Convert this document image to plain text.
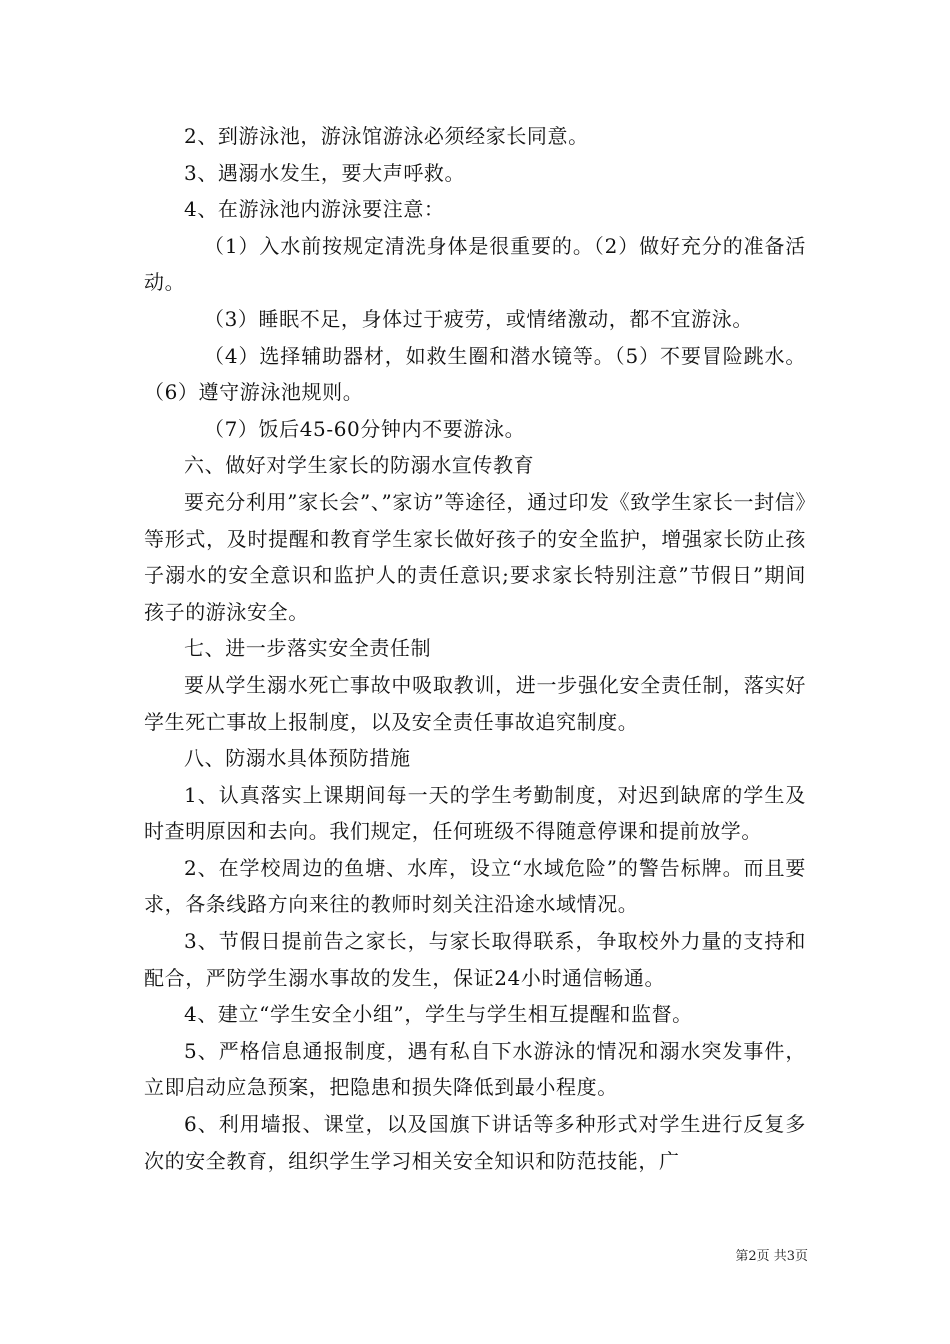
2、到游泳池，游泳馆游泳必须经家长同意。

3、遇溺水发生，要大声呼救。

4、在游泳池内游泳要注意：

（1）入水前按规定清洗身体是很重要的。（2）做好充分的准备活动。

（3）睡眠不足，身体过于疲劳，或情绪激动，都不宜游泳。

（4）选择辅助器材，如救生圈和潜水镜等。（5）不要冒险跳水。（6）遵守游泳池规则。

（7）饭后45-60分钟内不要游泳。

六、做好对学生家长的防溺水宣传教育

要充分利用”家长会”、”家访”等途径，通过印发《致学生家长一封信》等形式，及时提醒和教育学生家长做好孩子的安全监护，增强家长防止孩子溺水的安全意识和监护人的责任意识;要求家长特别注意”节假日”期间孩子的游泳安全。

七、进一步落实安全责任制

要从学生溺水死亡事故中吸取教训，进一步强化安全责任制，落实好学生死亡事故上报制度，以及安全责任事故追究制度。

八、防溺水具体预防措施

1、认真落实上课期间每一天的学生考勤制度，对迟到缺席的学生及时查明原因和去向。我们规定，任何班级不得随意停课和提前放学。

2、在学校周边的鱼塘、水库，设立“水域危险”的警告标牌。而且要求，各条线路方向来往的教师时刻关注沿途水域情况。

3、节假日提前告之家长，与家长取得联系，争取校外力量的支持和配合，严防学生溺水事故的发生，保证24小时通信畅通。

4、建立“学生安全小组”，学生与学生相互提醒和监督。

5、严格信息通报制度，遇有私自下水游泳的情况和溺水突发事件，立即启动应急预案，把隐患和损失降低到最小程度。

6、利用墙报、课堂，以及国旗下讲话等多种形式对学生进行反复多次的安全教育，组织学生学习相关安全知识和防范技能，广

第2页 共3页
